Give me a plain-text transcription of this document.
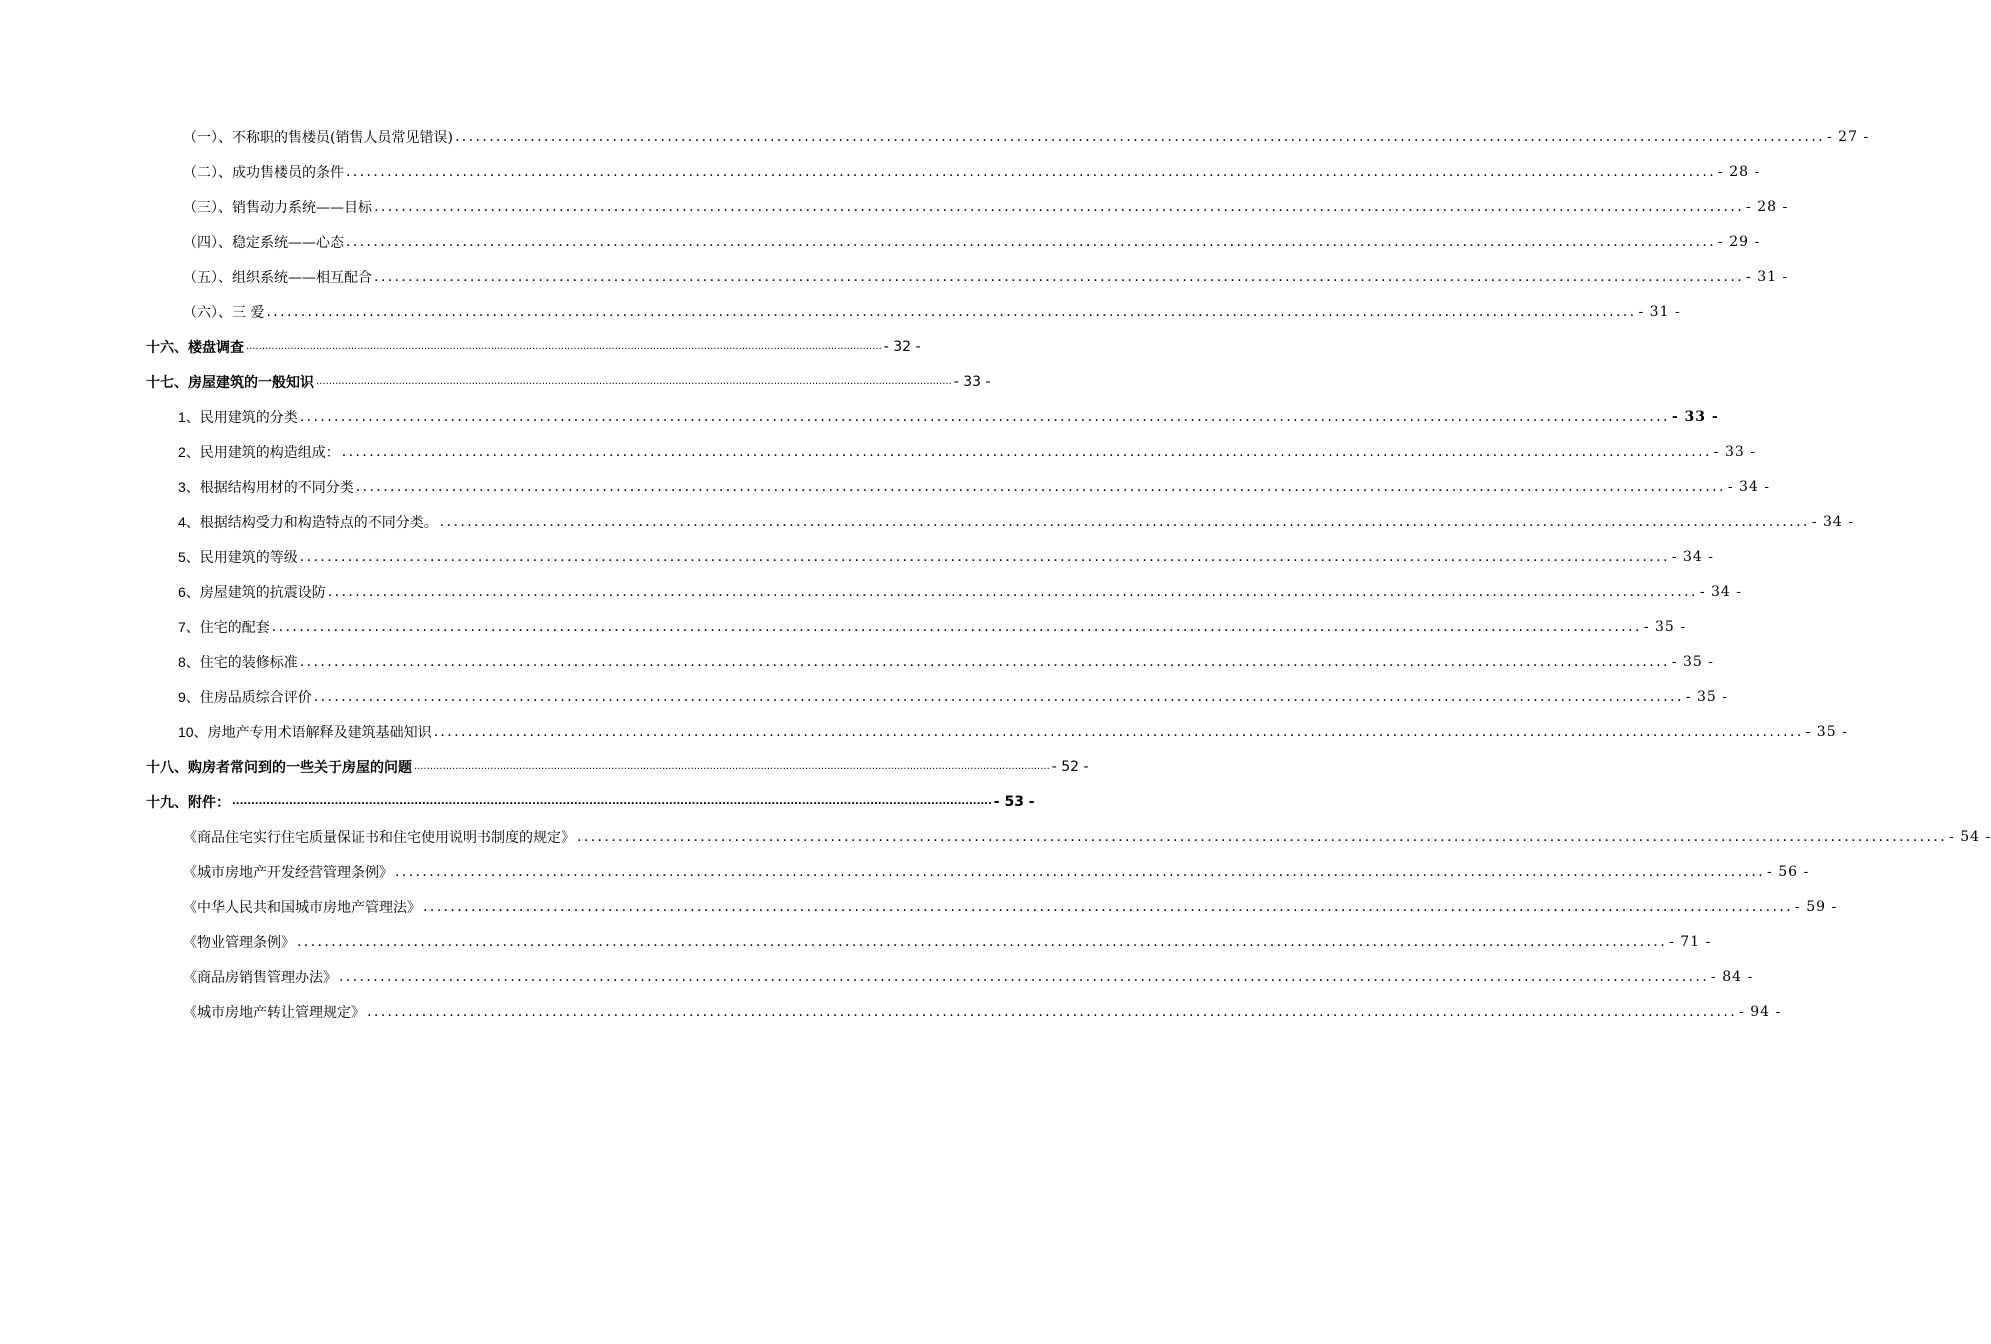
（一）、不称职的售楼员(销售人员常见错误) ........................................................................................................................................................................................................ - 27 -
（二）、成功售楼员的条件 ........................................................................................................................................................................................................ - 28 -
（三）、销售动力系统——目标 ........................................................................................................................................................................................................ - 28 -
（四）、稳定系统——心态 ........................................................................................................................................................................................................ - 29 -
（五）、组织系统——相互配合 ........................................................................................................................................................................................................ - 31 -
（六）、三 爱 ........................................................................................................................................................................................................ - 31 -
十六、楼盘调查 ........................................................................................................................................................................................................ - 32 -
十七、房屋建筑的一般知识 ........................................................................................................................................................................................................ - 33 -
1、民用建筑的分类 ........................................................................................................................................................................................................ - 33 -
2、民用建筑的构造组成： ........................................................................................................................................................................................................ - 33 -
3、根据结构用材的不同分类 ........................................................................................................................................................................................................ - 34 -
4、根据结构受力和构造特点的不同分类。 ........................................................................................................................................................................................................ - 34 -
5、民用建筑的等级 ........................................................................................................................................................................................................ - 34 -
6、房屋建筑的抗震设防 ........................................................................................................................................................................................................ - 34 -
7、住宅的配套 ........................................................................................................................................................................................................ - 35 -
8、住宅的装修标准 ........................................................................................................................................................................................................ - 35 -
9、住房品质综合评价 ........................................................................................................................................................................................................ - 35 -
10、房地产专用术语解释及建筑基础知识 ........................................................................................................................................................................................................ - 35 -
十八、购房者常问到的一些关于房屋的问题 ........................................................................................................................................................................................................ - 52 -
十九、附件： ........................................................................................................................................................................................................ - 53 -
《商品住宅实行住宅质量保证书和住宅使用说明书制度的规定》 ........................................................................................................................................................................................................ - 54 -
《城市房地产开发经营管理条例》 ........................................................................................................................................................................................................ - 56 -
《中华人民共和国城市房地产管理法》 ........................................................................................................................................................................................................ - 59 -
《物业管理条例》 ........................................................................................................................................................................................................ - 71 -
《商品房销售管理办法》 ........................................................................................................................................................................................................ - 84 -
《城市房地产转让管理规定》 ........................................................................................................................................................................................................ - 94 -
